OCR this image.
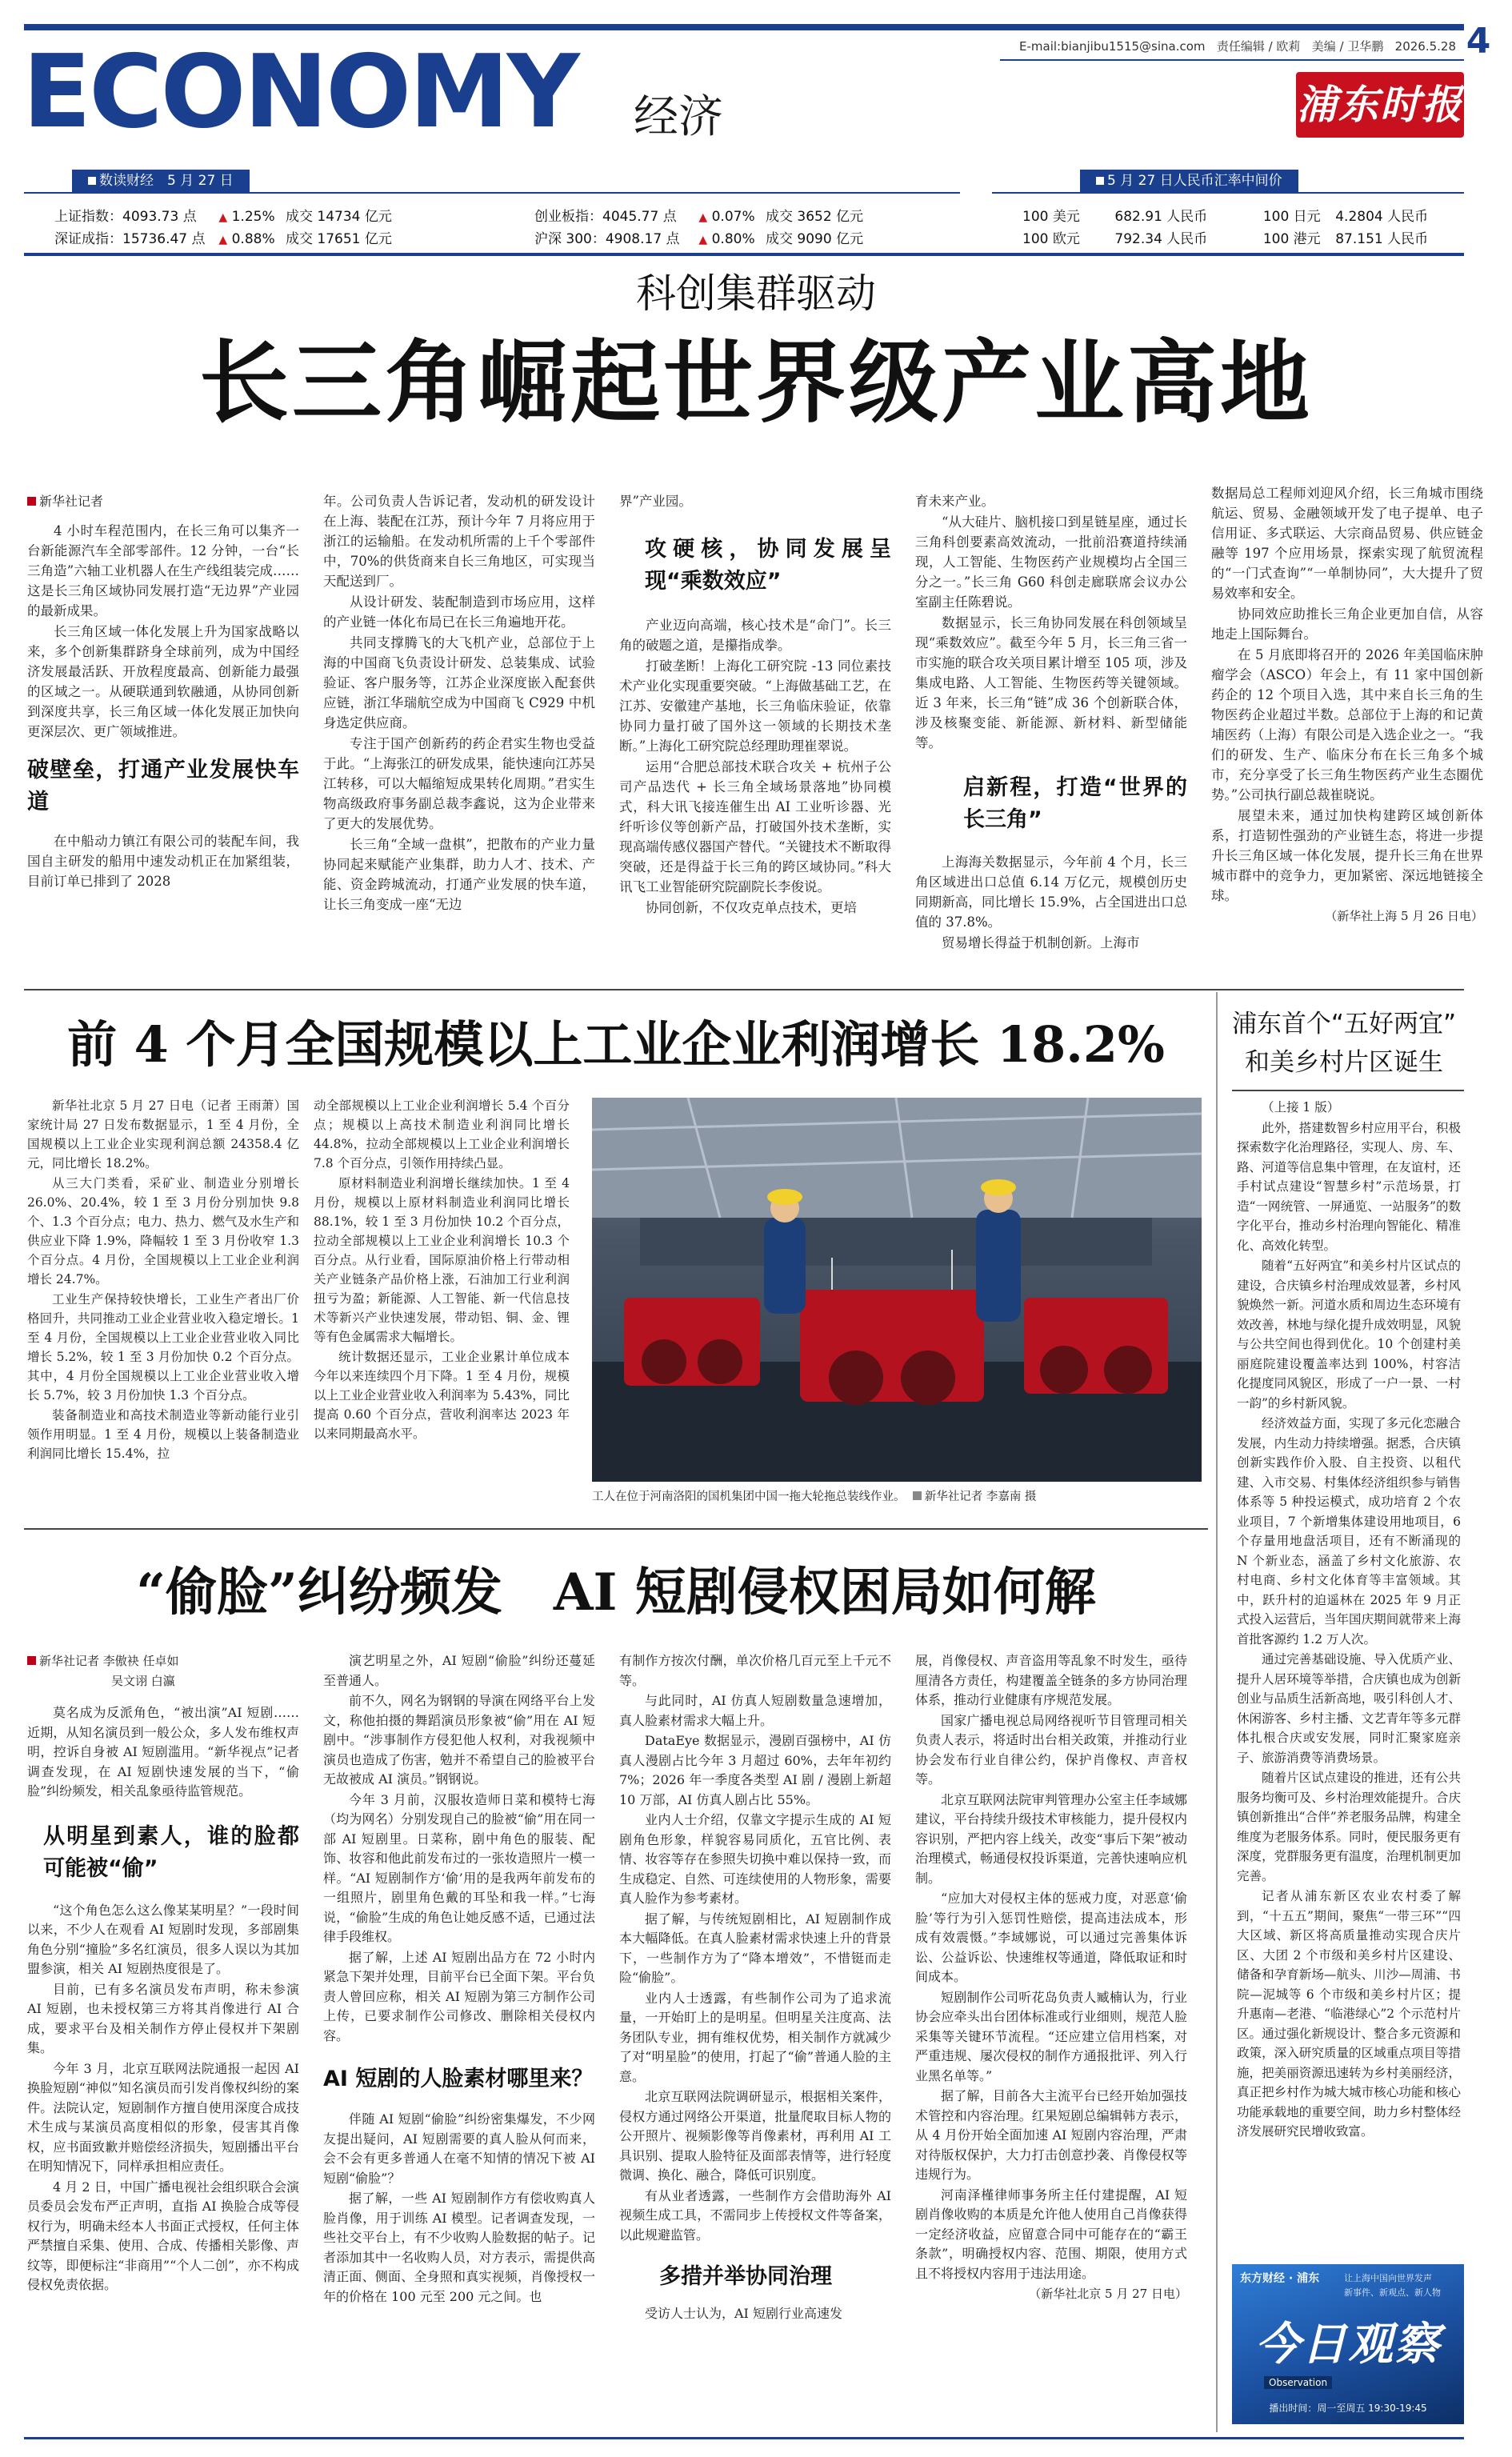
4
E-mail:bianjibu1515@sina.com 责任编辑 / 欧莉 美编 / 卫华鹏 2026.5.28
ECONOMY 经济	浦东时报
数读财经　5 月 27 日	5 月 27 日人民币汇率中间价
上证指数：4093.73 点 ▲ 1.25% 成交 14734 亿元
深证成指：15736.47 点 ▲ 0.88% 成交 17651 亿元
创业板指：4045.77 点 ▲ 0.07% 成交 3652 亿元
沪深 300：4908.17 点 ▲ 0.80% 成交 9090 亿元
100 美元	682.91 人民币	100 日元 4.2804 人民币
100 欧元	792.34 人民币	100 港元 87.151 人民币
科创集群驱动
长三角崛起世界级产业高地

新华社记者

4 小时车程范围内，在长三角可以集齐一台新能源汽车全部零部件。12 分钟，一台“长三角造”六轴工业机器人在生产线组装完成……这是长三角区域协同发展打造“无边界”产业园的最新成果。

长三角区域一体化发展上升为国家战略以来，多个创新集群跻身全球前列，成为中国经济发展最活跃、开放程度最高、创新能力最强的区域之一。从硬联通到软融通，从协同创新到深度共享，长三角区域一体化发展正加快向更深层次、更广领域推进。

破壁垒，打通产业发展快车道

在中船动力镇江有限公司的装配车间，我国自主研发的船用中速发动机正在加紧组装，目前订单已排到了 2028

年。公司负责人告诉记者，发动机的研发设计在上海、装配在江苏，预计今年 7 月将应用于浙江的运输船。在发动机所需的上千个零部件中，70%的供货商来自长三角地区，可实现当天配送到厂。

从设计研发、装配制造到市场应用，这样的产业链一体化布局已在长三角遍地开花。

共同支撑腾飞的大飞机产业，总部位于上海的中国商飞负责设计研发、总装集成、试验验证、客户服务等，江苏企业深度嵌入配套供应链，浙江华瑞航空成为中国商飞 C929 中机身选定供应商。

专注于国产创新药的药企君实生物也受益于此。“上海张江的研发成果，能快速向江苏吴江转移，可以大幅缩短成果转化周期。”君实生物高级政府事务副总裁李鑫说，这为企业带来了更大的发展优势。

长三角“全域一盘棋”，把散布的产业力量协同起来赋能产业集群，助力人才、技术、产能、资金跨城流动，打通产业发展的快车道，让长三角变成一座“无边

界”产业园。

攻硬核，协同发展呈现“乘数效应”

产业迈向高端，核心技术是“命门”。长三角的破题之道，是攥指成拳。

打破垄断！上海化工研究院 -13 同位素技术产业化实现重要突破。“上海做基础工艺，在江苏、安徽建产基地，长三角临床验证，依靠协同力量打破了国外这一领域的长期技术垄断。”上海化工研究院总经理助理崔翠说。

运用“合肥总部技术联合攻关 + 杭州子公司产品迭代 + 长三角全域场景落地”协同模式，科大讯飞接连催生出 AI 工业听诊器、光纤听诊仪等创新产品，打破国外技术垄断，实现高端传感仪器国产替代。“关键技术不断取得突破，还是得益于长三角的跨区域协同。”科大讯飞工业智能研究院副院长李俊说。

协同创新，不仅攻克单点技术，更培

育未来产业。

“从大硅片、脑机接口到星链星座，通过长三角科创要素高效流动，一批前沿赛道持续涌现，人工智能、生物医药产业规模均占全国三分之一。”长三角 G60 科创走廊联席会议办公室副主任陈碧说。

数据显示，长三角协同发展在科创领域呈现“乘数效应”。截至今年 5 月，长三角三省一市实施的联合攻关项目累计增至 105 项，涉及集成电路、人工智能、生物医药等关键领域。近 3 年来，长三角“链”成 36 个创新联合体，涉及核聚变能、新能源、新材料、新型储能等。

启新程，打造“世界的长三角”

上海海关数据显示，今年前 4 个月，长三角区域进出口总值 6.14 万亿元，规模创历史同期新高，同比增长 15.9%，占全国进出口总值的 37.8%。

贸易增长得益于机制创新。上海市

数据局总工程师刘迎风介绍，长三角城市围绕航运、贸易、金融领域开发了电子提单、电子信用证、多式联运、大宗商品贸易、供应链金融等 197 个应用场景，探索实现了航贸流程的“一门式查询”“一单制协同”，大大提升了贸易效率和安全。

协同效应助推长三角企业更加自信，从容地走上国际舞台。

在 5 月底即将召开的 2026 年美国临床肿瘤学会（ASCO）年会上，有 11 家中国创新药企的 12 个项目入选，其中来自长三角的生物医药企业超过半数。总部位于上海的和记黄埔医药（上海）有限公司是入选企业之一。“我们的研发、生产、临床分布在长三角多个城市，充分享受了长三角生物医药产业生态圈优势。”公司执行副总裁崔晓说。

展望未来，通过加快构建跨区域创新体系，打造韧性强劲的产业链生态，将进一步提升长三角区域一体化发展，提升长三角在世界城市群中的竞争力，更加紧密、深远地链接全球。

（新华社上海 5 月 26 日电）

前 4 个月全国规模以上工业企业利润增长 18.2%

新华社北京 5 月 27 日电（记者 王雨萧）国家统计局 27 日发布数据显示，1 至 4 月份，全国规模以上工业企业实现利润总额 24358.4 亿元，同比增长 18.2%。

从三大门类看，采矿业、制造业分别增长 26.0%、20.4%，较 1 至 3 月份分别加快 9.8 个、1.3 个百分点；电力、热力、燃气及水生产和供应业下降 1.9%，降幅较 1 至 3 月份收窄 1.3 个百分点。4 月份，全国规模以上工业企业利润增长 24.7%。

工业生产保持较快增长，工业生产者出厂价格回升，共同推动工业企业营业收入稳定增长。1 至 4 月份，全国规模以上工业企业营业收入同比增长 5.2%，较 1 至 3 月份加快 0.2 个百分点。其中，4 月份全国规模以上工业企业营业收入增长 5.7%，较 3 月份加快 1.3 个百分点。

装备制造业和高技术制造业等新动能行业引领作用明显。1 至 4 月份，规模以上装备制造业利润同比增长 15.4%，拉

动全部规模以上工业企业利润增长 5.4 个百分点；规模以上高技术制造业利润同比增长 44.8%，拉动全部规模以上工业企业利润增长 7.8 个百分点，引领作用持续凸显。

原材料制造业利润增长继续加快。1 至 4 月份，规模以上原材料制造业利润同比增长 88.1%，较 1 至 3 月份加快 10.2 个百分点，拉动全部规模以上工业企业利润增长 10.3 个百分点。从行业看，国际原油价格上行带动相关产业链条产品价格上涨，石油加工行业利润扭亏为盈；新能源、人工智能、新一代信息技术等新兴产业快速发展，带动铝、铜、金、锂等有色金属需求大幅增长。

统计数据还显示，工业企业累计单位成本今年以来连续四个月下降。1 至 4 月份，规模以上工业企业营业收入利润率为 5.43%，同比提高 0.60 个百分点，营收利润率达 2023 年以来同期最高水平。

工人在位于河南洛阳的国机集团中国一拖大轮拖总装线作业。 新华社记者 李嘉南 摄
浦东首个“五好两宜”
和美乡村片区诞生

（上接 1 版）

此外，搭建数智乡村应用平台，积极探索数字化治理路径，实现人、房、车、路、河道等信息集中管理，在友谊村，还手村试点建设“智慧乡村”示范场景，打造“一网统管、一屏通览、一站服务”的数字化平台，推动乡村治理向智能化、精准化、高效化转型。

随着“五好两宜”和美乡村片区试点的建设，合庆镇乡村治理成效显著，乡村风貌焕然一新。河道水质和周边生态环境有效改善，林地与绿化提升成效明显，风貌与公共空间也得到优化。10 个创建村美丽庭院建设覆盖率达到 100%，村容洁化提度同风貌区，形成了一户一景、一村一韵”的乡村新风貌。

经济效益方面，实现了多元化恋融合发展，内生动力持续增强。据悉，合庆镇创新实践作价入股、自主投资、以租代建、入市交易、村集体经济组织参与销售体系等 5 种投运模式，成功培育 2 个农业项目，7 个新增集体建设用地项目，6 个存量用地盘活项目，还有不断涌现的 N 个新业态，涵盖了乡村文化旅游、农村电商、乡村文化体育等丰富领域。其中，跃升村的迫遥林在 2025 年 9 月正式投入运营后，当年国庆期间就带来上海首批客源约 1.2 万人次。

通过完善基础设施、导入优质产业、提升人居环境等举措，合庆镇也成为创新创业与品质生活新高地，吸引科创人才、休闲游客、乡村主播、文艺青年等多元群体扎根合庆或安发展，同时汇聚家庭亲子、旅游消费等消费场景。

随着片区试点建设的推进，还有公共服务均衡可及、乡村治理效能提升。合庆镇创新推出“合伴”养老服务品牌，构建全维度为老服务体系。同时，便民服务更有深度，党群服务更有温度，治理机制更加完善。

记者从浦东新区农业农村委了解到，“十五五”期间，聚焦“一带三环”“四大区域、新区将高质量推动实现合庆片区、大团 2 个市级和美乡村片区建设、储备和孕育新场—航头、川沙—周浦、书院—泥城等 6 个市级和美乡村片区；提升惠南—老港、“临港绿心”2 个示范村片区。通过强化新规设计、整合多元资源和政策，深入研究质量的区域重点项目等措施，把美丽资源迅速转为乡村美丽经济，真正把乡村作为城大城市核心功能和核心功能承载地的重要空间，助力乡村整体经济发展研究民增收致富。

东方财经 · 浦东	让上海中国向世界发声
新事件、新观点、新人物
今日观察
Observation
播出时间：周一至周五 19:30-19:45
“偷脸”纠纷频发　AI 短剧侵权困局如何解

新华社记者 李傲袂 任卓如

吴文诩 白瀛

莫名成为反派角色，“被出演”AI 短剧……近期，从知名演员到一般公众，多人发布维权声明，控诉自身被 AI 短剧滥用。“新华视点”记者调查发现，在 AI 短剧快速发展的当下，“偷脸”纠纷频发，相关乱象亟待监管规范。

从明星到素人，谁的脸都可能被“偷”

“这个角色怎么这么像某某明星？”一段时间以来，不少人在观看 AI 短剧时发现，多部剧集角色分别“撞脸”多名红演员，很多人误以为其加盟参演，相关 AI 短剧热度很是了。

目前，已有多名演员发布声明，称未参演 AI 短剧，也未授权第三方将其肖像进行 AI 合成，要求平台及相关制作方停止侵权并下架剧集。

今年 3 月，北京互联网法院通报一起因 AI 换脸短剧“神似”知名演员而引发肖像权纠纷的案件。法院认定，短剧制作方擅自使用深度合成技术生成与某演员高度相似的形象，侵害其肖像权，应书面致歉并赔偿经济损失，短剧播出平台在明知情况下，同样承担相应责任。

4 月 2 日，中国广播电视社会组织联合会演员委员会发布严正声明，直指 AI 换脸合成等侵权行为，明确未经本人书面正式授权，任何主体严禁擅自采集、使用、合成、传播相关影像、声纹等，即便标注“非商用”“个人二创”，亦不构成侵权免责依据。

演艺明星之外，AI 短剧“偷脸”纠纷还蔓延至普通人。

前不久，网名为钢钢的导演在网络平台上发文，称他拍摄的舞蹈演员形象被“偷”用在 AI 短剧中。“涉事制作方侵犯他人权利，对我视频中演员也造成了伤害，勉并不希望自己的脸被平台无故被成 AI 演员。”钢钢说。

今年 3 月前，汉服妆造师日菜和模特七海（均为网名）分别发现自己的脸被“偷”用在同一部 AI 短剧里。日菜称，剧中角色的服装、配饰、妆容和他此前发布过的一张妆造照片一模一样。“AI 短剧制作方‘偷’用的是我两年前发布的一组照片，剧里角色戴的耳坠和我一样。”七海说，“偷脸”生成的角色让她反感不适，已通过法律手段维权。

据了解，上述 AI 短剧出品方在 72 小时内紧急下架并处理，目前平台已全面下架。平台负责人曾回应称，相关 AI 短剧为第三方制作公司上传，已要求制作公司修改、删除相关侵权内容。

AI 短剧的人脸素材哪里来？

伴随 AI 短剧“偷脸”纠纷密集爆发，不少网友提出疑问，AI 短剧需要的真人脸从何而来，会不会有更多普通人在毫不知情的情况下被 AI 短剧“偷脸”？

据了解，一些 AI 短剧制作方有偿收购真人脸肖像，用于训练 AI 模型。记者调查发现，一些社交平台上，有不少收购人脸数据的帖子。记者添加其中一名收购人员，对方表示，需提供高清正面、侧面、全身照和真实视频，肖像授权一年的价格在 100 元至 200 元之间。也

有制作方按次付酬，单次价格几百元至上千元不等。

与此同时，AI 仿真人短剧数量急速增加，真人脸素材需求大幅上升。

DataEye 数据显示，漫剧百强榜中，AI 仿真人漫剧占比今年 3 月超过 60%，去年年初约 7%；2026 年一季度各类型 AI 剧 / 漫剧上新超 10 万部，AI 仿真人剧占比 55%。

业内人士介绍，仅靠文字提示生成的 AI 短剧角色形象，样貌容易同质化，五官比例、表情、妆容等存在参照失切换中难以保持一致，而生成稳定、自然、可连续使用的人物形象，需要真人脸作为参考素材。

据了解，与传统短剧相比，AI 短剧制作成本大幅降低。在真人脸素材需求快速上升的背景下，一些制作方为了“降本增效”，不惜铤而走险“偷脸”。

业内人士透露，有些制作公司为了追求流量，一开始盯上的是明星。但明星关注度高、法务团队专业，拥有维权优势，相关制作方就减少了对“明星脸”的使用，打起了“偷”普通人脸的主意。

北京互联网法院调研显示，根据相关案件，侵权方通过网络公开渠道，批量爬取目标人物的公开照片、视频影像等肖像素材，再利用 AI 工具识别、提取人脸特征及面部表情等，进行轻度微调、换化、融合，降低可识别度。

有从业者透露，一些制作方会借助海外 AI 视频生成工具，不需同步上传授权文件等备案，以此规避监管。

多措并举协同治理

受访人士认为，AI 短剧行业高速发

展，肖像侵权、声音盗用等乱象不时发生，亟待厘清各方责任，构建覆盖全链条的多方协同治理体系，推动行业健康有序规范发展。

国家广播电视总局网络视听节目管理司相关负责人表示，将适时出台相关政策，并推动行业协会发布行业自律公约，保护肖像权、声音权等。

北京互联网法院审判管理办公室主任李域娜建议，平台持续升级技术审核能力，提升侵权内容识别，严把内容上线关，改变“事后下架”被动治理模式，畅通侵权投诉渠道，完善快速响应机制。

“应加大对侵权主体的惩戒力度，对恶意‘偷脸’等行为引入惩罚性赔偿，提高违法成本，形成有效震慑。”李域娜说，可以通过完善集体诉讼、公益诉讼、快速维权等通道，降低取证和时间成本。

短剧制作公司听花岛负责人臧楠认为，行业协会应牵头出台团体标准或行业细则，规范人脸采集等关键环节流程。“还应建立信用档案，对严重违规、屡次侵权的制作方通报批评、列入行业黑名单等。”

据了解，目前各大主流平台已经开始加强技术管控和内容治理。红果短剧总编辑韩方表示，从 4 月份开始全面加速 AI 短剧内容治理，严肃对待版权保护，大力打击创意抄袭、肖像侵权等违规行为。

河南泽槿律师事务所主任付建提醒，AI 短剧肖像收购的本质是允许他人使用自己肖像获得一定经济收益，应留意合同中可能存在的“霸王条款”，明确授权内容、范围、期限，使用方式且不将授权内容用于违法用途。

（新华社北京 5 月 27 日电）
